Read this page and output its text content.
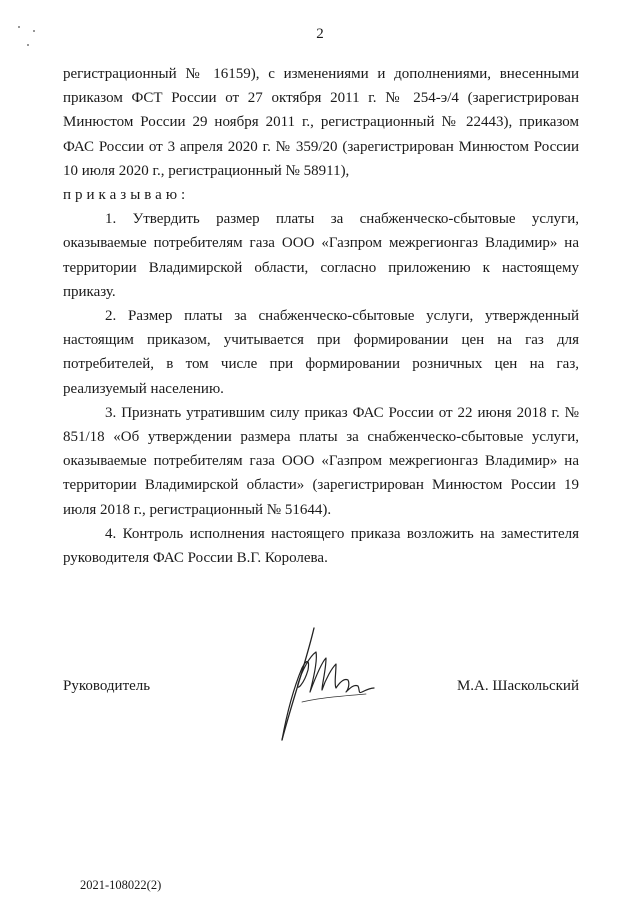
2

регистрационный № 16159), с изменениями и дополнениями, внесенными приказом ФСТ России от 27 октября 2011 г. № 254-э/4 (зарегистрирован Минюстом России 29 ноября 2011 г., регистрационный № 22443), приказом ФАС России от 3 апреля 2020 г. № 359/20 (зарегистрирован Минюстом России 10 июля 2020 г., регистрационный № 58911),

приказываю:

1. Утвердить размер платы за снабженческо-сбытовые услуги, оказываемые потребителям газа ООО «Газпром межрегионгаз Владимир» на территории Владимирской области, согласно приложению к настоящему приказу.

2. Размер платы за снабженческо-сбытовые услуги, утвержденный настоящим приказом, учитывается при формировании цен на газ для потребителей, в том числе при формировании розничных цен на газ, реализуемый населению.

3. Признать утратившим силу приказ ФАС России от 22 июня 2018 г. № 851/18 «Об утверждении размера платы за снабженческо-сбытовые услуги, оказываемые потребителям газа ООО «Газпром межрегионгаз Владимир» на территории Владимирской области» (зарегистрирован Минюстом России 19 июля 2018 г., регистрационный № 51644).

4. Контроль исполнения настоящего приказа возложить на заместителя руководителя ФАС России В.Г. Королева.

Руководитель	М.А. Шаскольский
2021-108022(2)
